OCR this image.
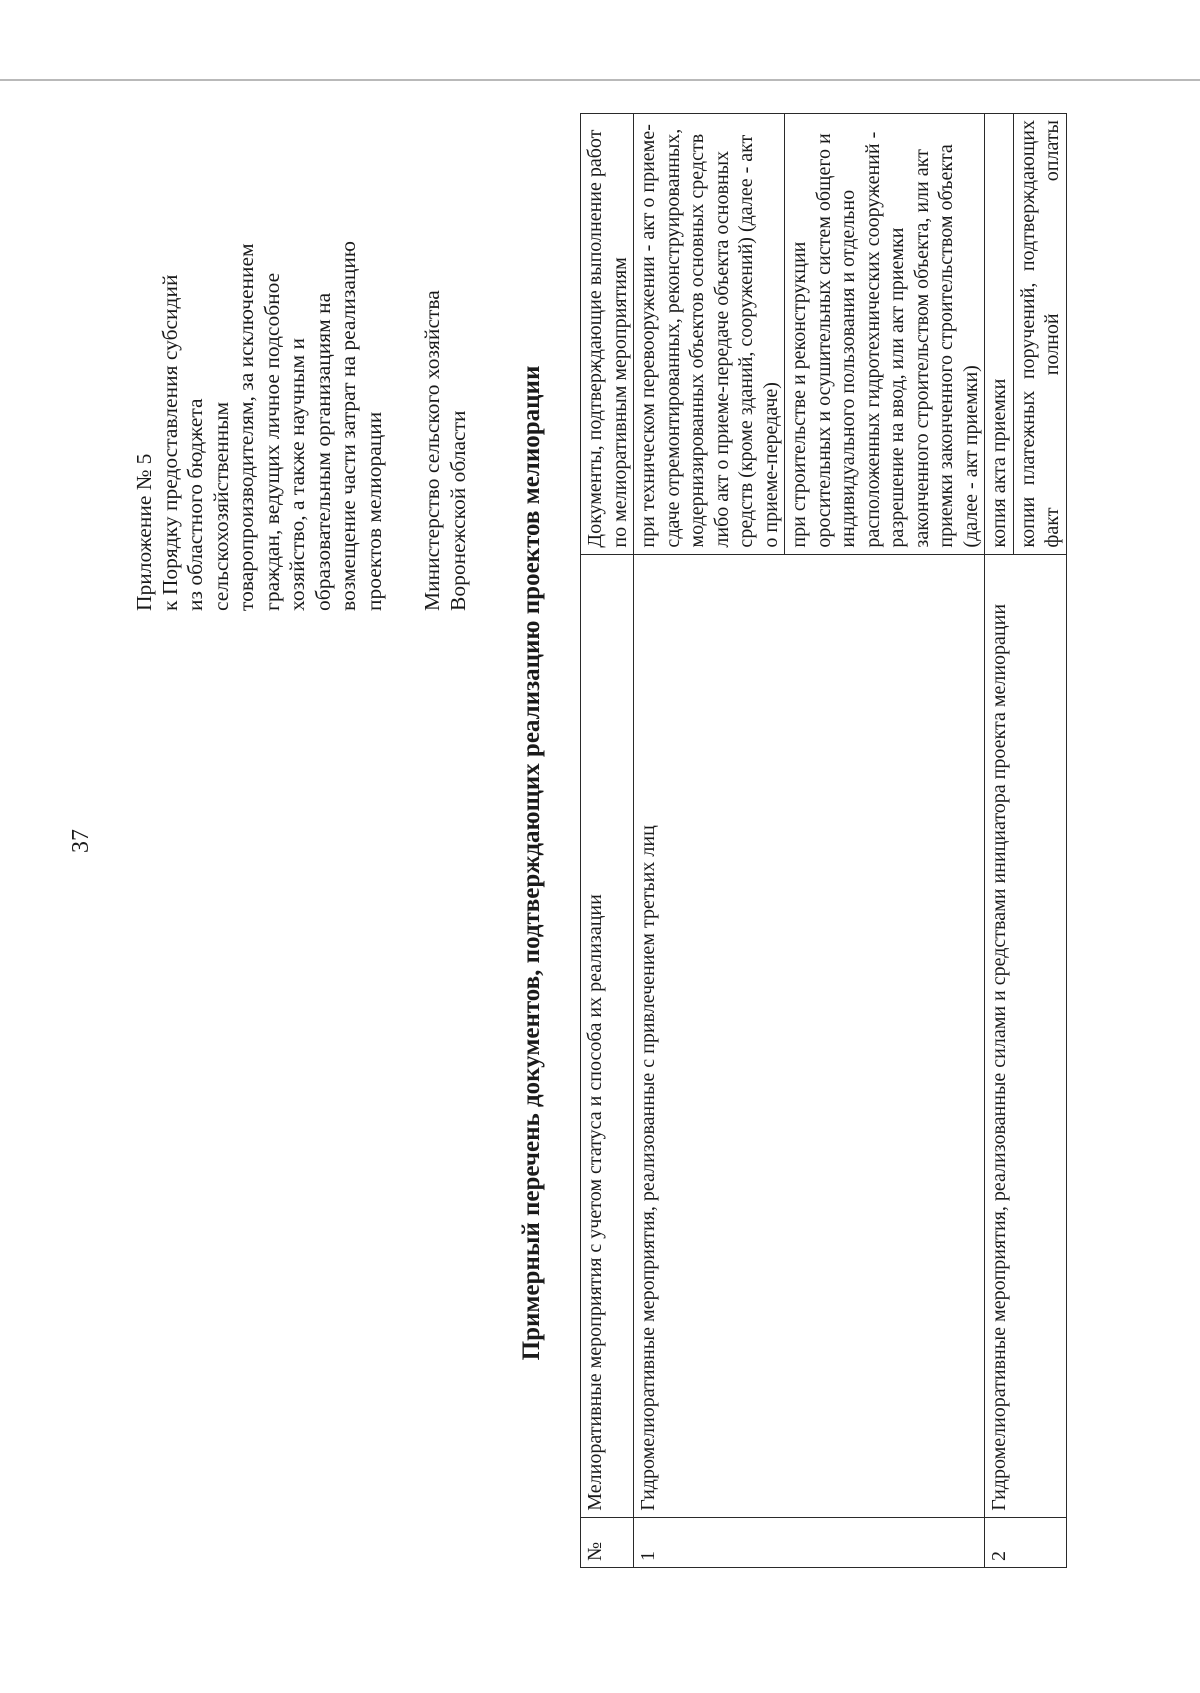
37

Приложение № 5 к Порядку предоставления субсидий из областного бюджета сельскохозяйственным товаропроизводителям, за исключением граждан, ведущих личное подсобное хозяйство, а также научным и образовательным организациям на возмещение части затрат на реализацию проектов мелиорации Министерство сельского хозяйства Воронежской области Примерный перечень документов, подтверждающих реализацию проектов мелиорации
№	Мелиоративные мероприятия с учетом статуса и способа их реализации	Документы, подтверждающие выполнение работ по мелиоративным мероприятиям
1	Гидромелиоративные мероприятия, реализованные с привлечением третьих лиц	при техническом перевооружении - акт о приеме-сдаче отремонтированных, реконструированных, модернизированных объектов основных средств либо акт о приеме-передаче объекта основных средств (кроме зданий, сооружений) (далее - акт о приеме-передаче)
		при строительстве и реконструкции оросительных и осушительных систем общего и индивидуального пользования и отдельно расположенных гидротехнических сооружений - разрешение на ввод, или акт приемки законченного строительством объекта, или акт приемки законченного строительством объекта (далее - акт приемки)
2	Гидромелиоративные мероприятия, реализованные силами и средствами инициатора проекта мелиорации	копия акта приемки
		копии платежных поручений, подтверждающих факт полной оплаты
